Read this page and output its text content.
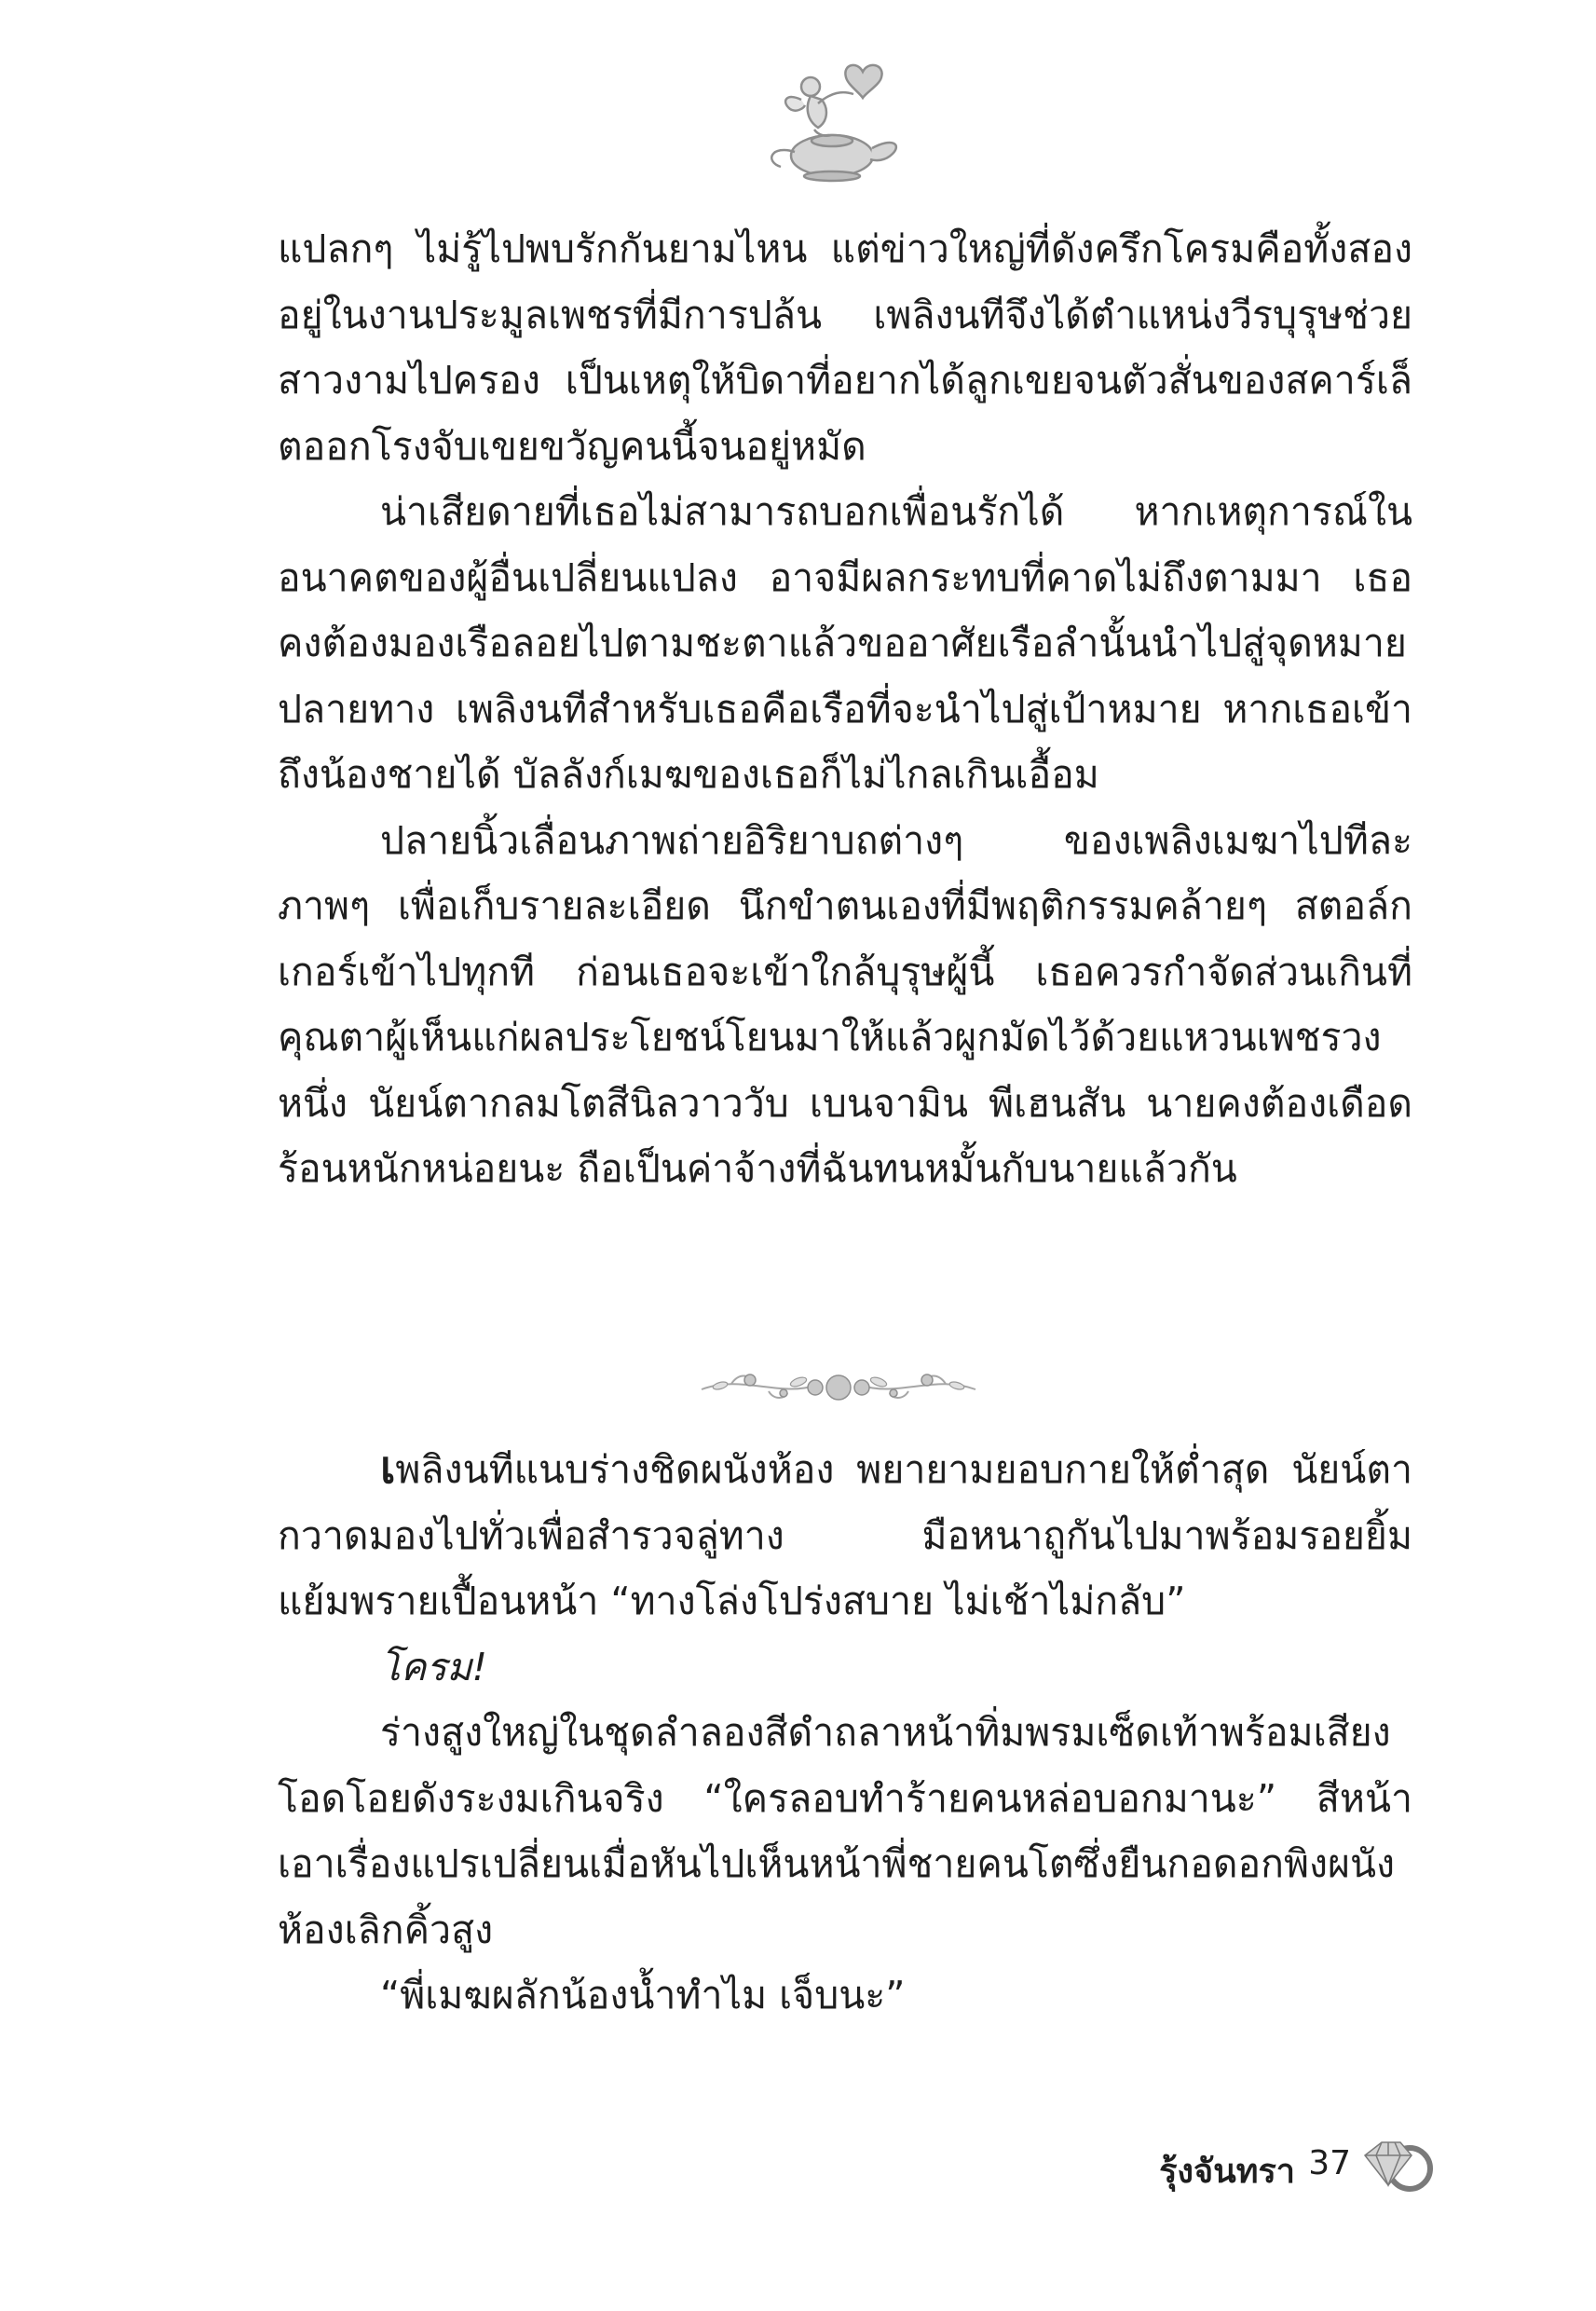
แปลกๆ ไม่รู้ไปพบรักกันยามไหน แต่ข่าวใหญ่ที่ดังครึกโครมคือทั้งสองอยู่ในงานประมูลเพชรที่มีการปล้น เพลิงนทีจึงได้ตำแหน่งวีรบุรุษช่วยสาวงามไปครอง เป็นเหตุให้บิดาที่อยากได้ลูกเขยจนตัวสั่นของสคาร์เล็ตออกโรงจับเขยขวัญคนนี้จนอยู่หมัด

น่าเสียดายที่เธอไม่สามารถบอกเพื่อนรักได้ หากเหตุการณ์ในอนาคตของผู้อื่นเปลี่ยนแปลง อาจมีผลกระทบที่คาดไม่ถึงตามมา เธอคงต้องมองเรือลอยไปตามชะตาแล้วขออาศัยเรือลำนั้นนำไปสู่จุดหมายปลายทาง เพลิงนทีสำหรับเธอคือเรือที่จะนำไปสู่เป้าหมาย หากเธอเข้าถึงน้องชายได้ บัลลังก์เมฆของเธอก็ไม่ไกลเกินเอื้อม

ปลายนิ้วเลื่อนภาพถ่ายอิริยาบถต่างๆ ของเพลิงเมฆาไปทีละภาพๆ เพื่อเก็บรายละเอียด นึกขำตนเองที่มีพฤติกรรมคล้ายๆ สตอล์กเกอร์เข้าไปทุกที ก่อนเธอจะเข้าใกล้บุรุษผู้นี้ เธอควรกำจัดส่วนเกินที่คุณตาผู้เห็นแก่ผลประโยชน์โยนมาให้แล้วผูกมัดไว้ด้วยแหวนเพชรวงหนึ่ง นัยน์ตากลมโตสีนิลวาววับ เบนจามิน พีเฮนสัน นายคงต้องเดือดร้อนหนักหน่อยนะ ถือเป็นค่าจ้างที่ฉันทนหมั้นกับนายแล้วกัน

เพลิงนทีแนบร่างชิดผนังห้อง พยายามยอบกายให้ต่ำสุด นัยน์ตากวาดมองไปทั่วเพื่อสำรวจลู่ทาง มือหนาถูกันไปมาพร้อมรอยยิ้มแย้มพรายเปื้อนหน้า “ทางโล่งโปร่งสบาย ไม่เช้าไม่กลับ”

โครม!

ร่างสูงใหญ่ในชุดลำลองสีดำถลาหน้าทิ่มพรมเซ็ดเท้าพร้อมเสียงโอดโอยดังระงมเกินจริง “ใครลอบทำร้ายคนหล่อบอกมานะ” สีหน้าเอาเรื่องแปรเปลี่ยนเมื่อหันไปเห็นหน้าพี่ชายคนโตซึ่งยืนกอดอกพิงผนังห้องเลิกคิ้วสูง

“พี่เมฆผลักน้องน้ำทำไม เจ็บนะ”

รุ้งจันทรา 37
